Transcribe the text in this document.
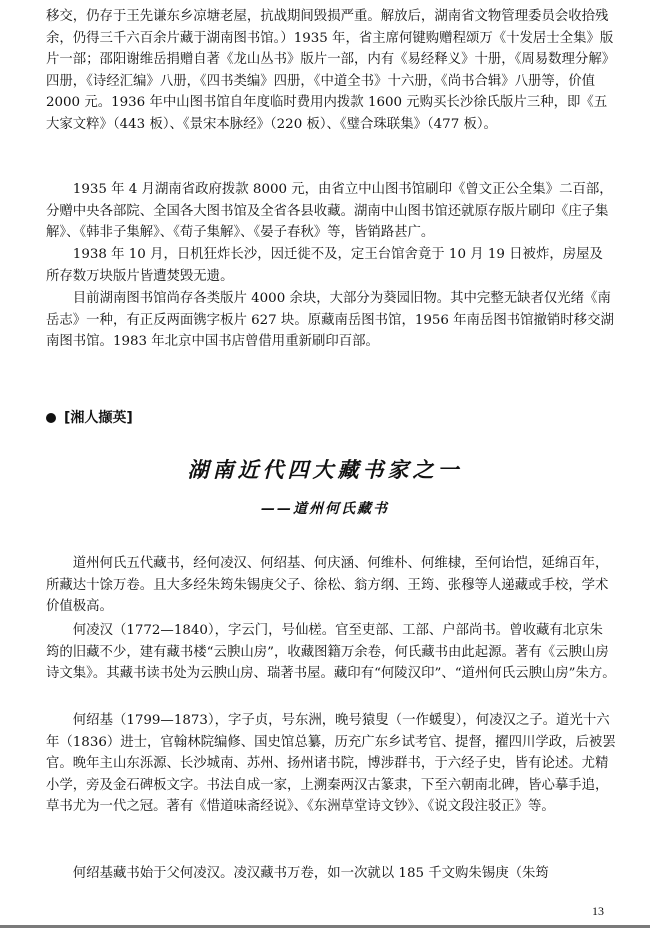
移交，仍存于王先谦东乡凉塘老屋，抗战期间毁损严重。解放后，湖南省文物管理委员会收拾残余，仍得三千六百余片藏于湖南图书馆。）1935 年，省主席何键购赠程颂万《十发居士全集》版片一部；邵阳谢维岳捐赠自著《龙山丛书》版片一部，内有《易经释义》十册，《周易数理分解》四册，《诗经汇编》八册，《四书类编》四册，《中道全书》十六册，《尚书合辑》八册等，价值 2000 元。1936 年中山图书馆自年度临时费用内拨款 1600 元购买长沙徐氏版片三种，即《五大家文粹》（443 板）、《景宋本脉经》（220 板）、《璧合珠联集》（477 板）。

1935 年 4 月湖南省政府拨款 8000 元，由省立中山图书馆刷印《曾文正公全集》二百部，分赠中央各部院、全国各大图书馆及全省各县收藏。湖南中山图书馆还就原存版片刷印《庄子集解》、《韩非子集解》、《荀子集解》、《晏子春秋》等，皆销路甚广。

1938 年 10 月，日机狂炸长沙，因迁徙不及，定王台馆舍竟于 10 月 19 日被炸，房屋及所存数万块版片皆遭焚毁无遗。

目前湖南图书馆尚存各类版片 4000 余块，大部分为葵园旧物。其中完整无缺者仅光绪《南岳志》一种，有正反两面镌字板片 627 块。原藏南岳图书馆，1956 年南岳图书馆撤销时移交湖南图书馆。1983 年北京中国书店曾借用重新刷印百部。

[湘人撷英]
湖南近代四大藏书家之一
——道州何氏藏书

道州何氏五代藏书，经何凌汉、何绍基、何庆涵、何维朴、何维棣，至何诒恺，延绵百年，所藏达十馀万卷。且大多经朱筠朱锡庚父子、徐松、翁方纲、王筠、张穆等人递藏或手校，学术价值极高。

何凌汉（1772—1840），字云门，号仙槎。官至吏部、工部、户部尚书。曾收藏有北京朱筠的旧藏不少，建有藏书楼“云腴山房”，收藏图籍万余卷，何氏藏书由此起源。著有《云腴山房诗文集》。其藏书读书处为云腴山房、瑞著书屋。藏印有“何陵汉印”、“道州何氏云腴山房”朱方。

何绍基（1799—1873），字子贞，号东洲，晚号猿叟（一作蝯叟），何凌汉之子。道光十六年（1836）进士，官翰林院编修、国史馆总纂，历充广东乡试考官、提督，擢四川学政，后被罢官。晚年主山东泺源、长沙城南、苏州、扬州诸书院，博涉群书，于六经子史，皆有论述。尤精小学，旁及金石碑板文字。书法自成一家，上溯秦两汉古篆隶，下至六朝南北碑，皆心摹手追，草书尤为一代之冠。著有《惜道味斋经说》、《东洲草堂诗文钞》、《说文段注驳正》等。

何绍基藏书始于父何凌汉。凌汉藏书万卷，如一次就以 185 千文购朱锡庚（朱筠

13
